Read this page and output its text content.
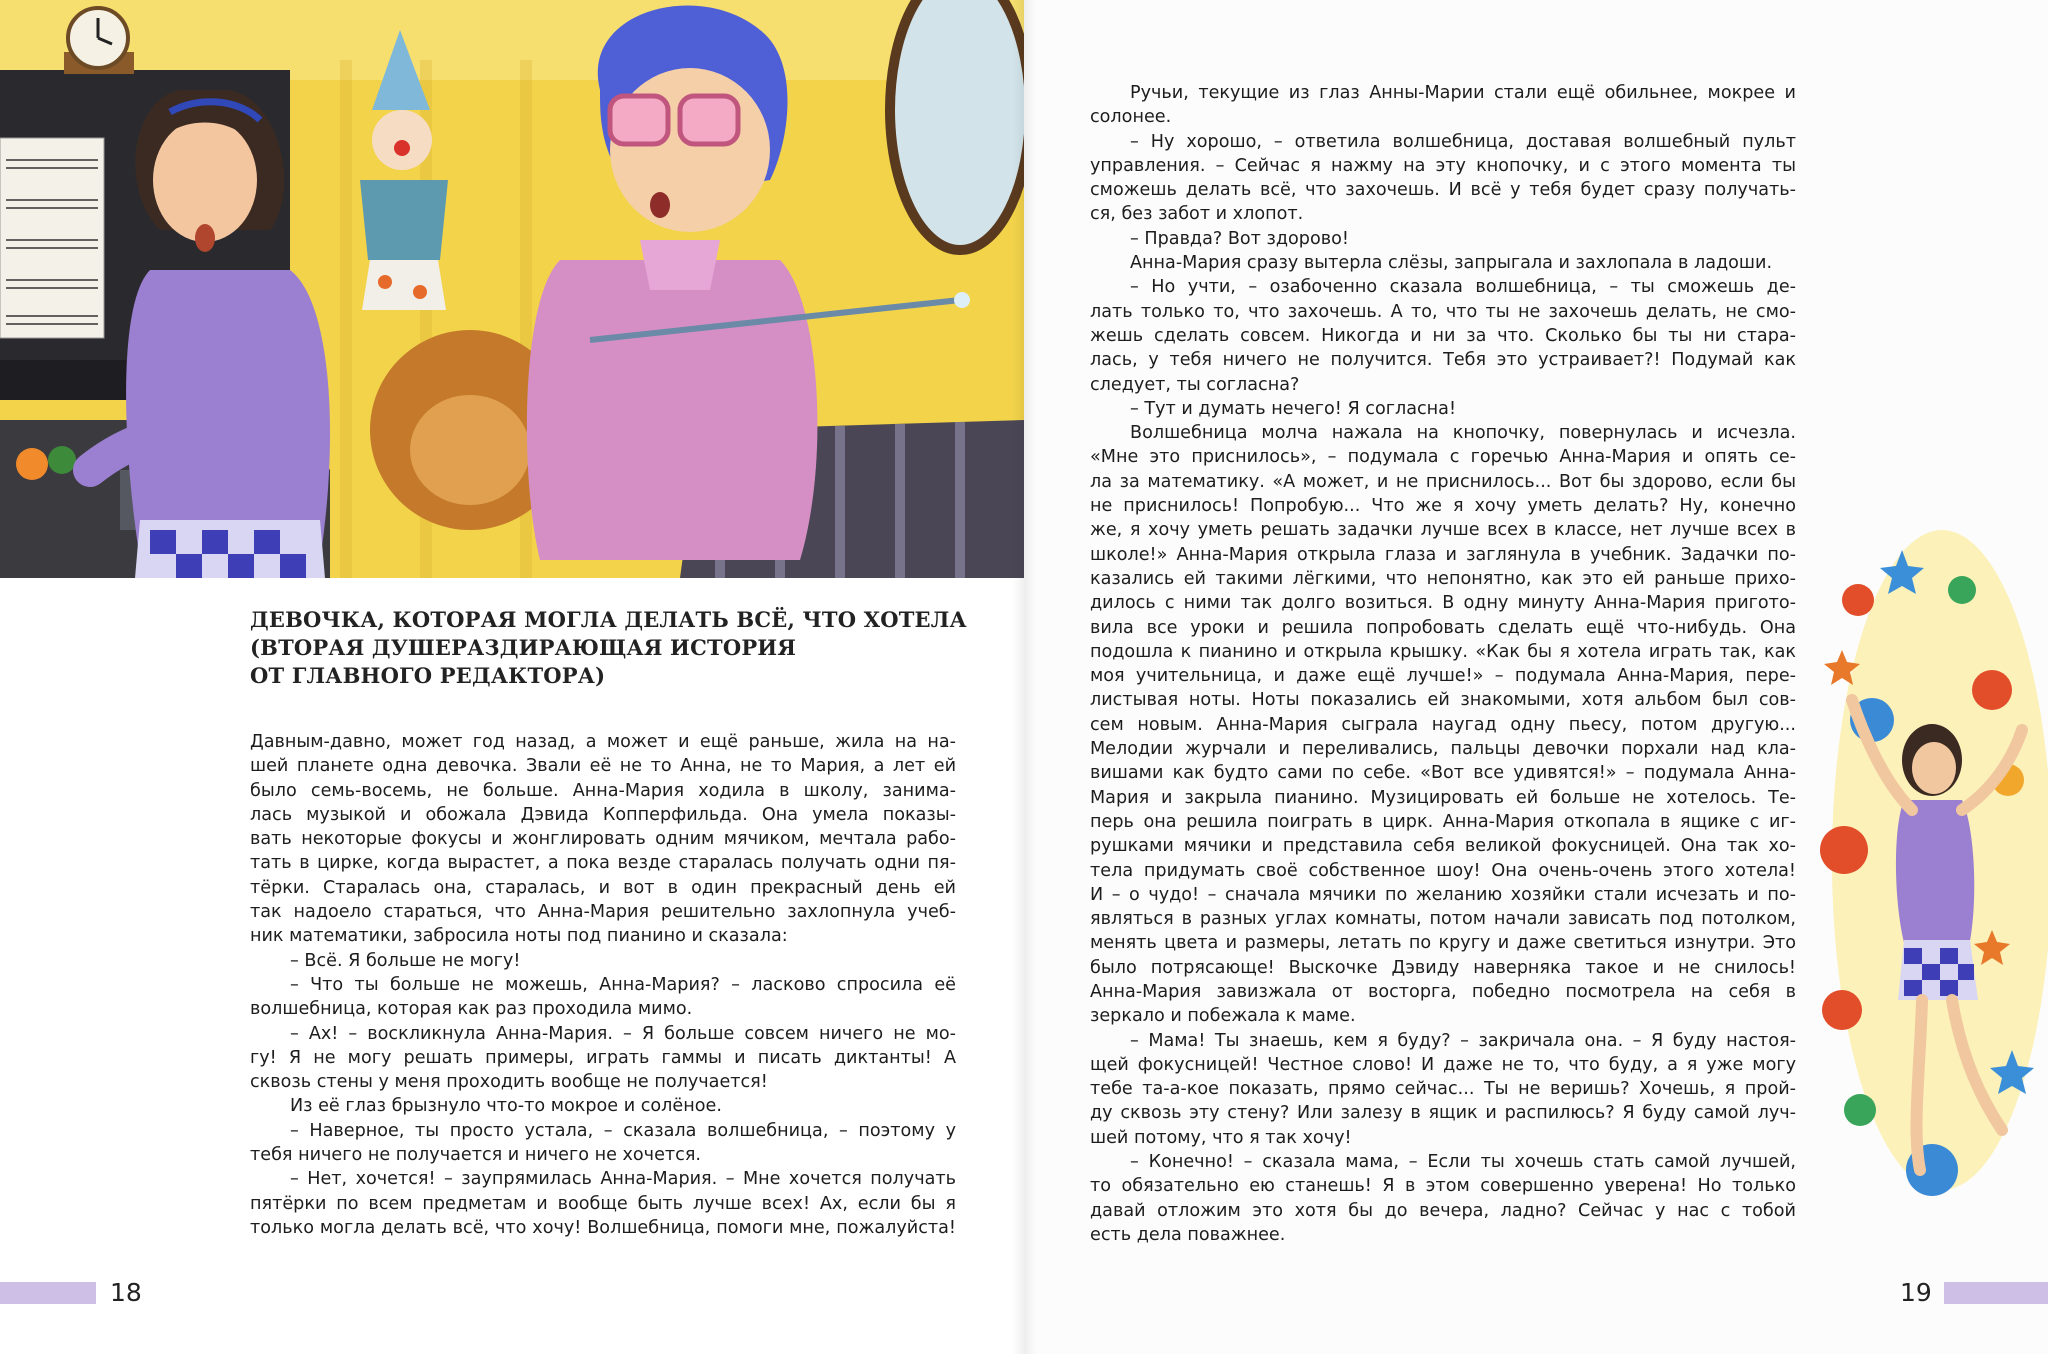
ДЕВОЧКА, КОТОРАЯ МОГЛА ДЕЛАТЬ ВСЁ, ЧТО ХОТЕЛА
(ВТОРАЯ ДУШЕРАЗДИРАЮЩАЯ ИСТОРИЯ
ОТ ГЛАВНОГО РЕДАКТОРА)

Давным-давно, может год назад, а может и ещё раньше, жила на на-

шей планете одна девочка. Звали её не то Анна, не то Мария, а лет ей

было семь-восемь, не больше. Анна-Мария ходила в школу, занима-

лась музыкой и обожала Дэвида Копперфильда. Она умела показы-

вать некоторые фокусы и жонглировать одним мячиком, мечтала рабо-

тать в цирке, когда вырастет, а пока везде старалась получать одни пя-

тёрки. Старалась она, старалась, и вот в один прекрасный день ей

так надоело стараться, что Анна-Мария решительно захлопнула учеб-

ник математики, забросила ноты под пианино и сказала:

– Всё. Я больше не могу!

– Что ты больше не можешь, Анна-Мария? – ласково спросила её

волшебница, которая как раз проходила мимо.

– Ах! – воскликнула Анна-Мария. – Я больше совсем ничего не мо-

гу! Я не могу решать примеры, играть гаммы и писать диктанты! А

сквозь стены у меня проходить вообще не получается!

Из её глаз брызнуло что-то мокрое и солёное.

– Наверное, ты просто устала, – сказала волшебница, – поэтому у

тебя ничего не получается и ничего не хочется.

– Нет, хочется! – заупрямилась Анна-Мария. – Мне хочется получать

пятёрки по всем предметам и вообще быть лучше всех! Ах, если бы я

только могла делать всё, что хочу! Волшебница, помоги мне, пожалуйста!

18

Ручьи, текущие из глаз Анны-Марии стали ещё обильнее, мокрее и

солонее.

– Ну хорошо, – ответила волшебница, доставая волшебный пульт

управления. – Сейчас я нажму на эту кнопочку, и с этого момента ты

сможешь делать всё, что захочешь. И всё у тебя будет сразу получать-

ся, без забот и хлопот.

– Правда? Вот здорово!

Анна-Мария сразу вытерла слёзы, запрыгала и захлопала в ладоши.

– Но учти, – озабоченно сказала волшебница, – ты сможешь де-

лать только то, что захочешь. А то, что ты не захочешь делать, не смо-

жешь сделать совсем. Никогда и ни за что. Сколько бы ты ни стара-

лась, у тебя ничего не получится. Тебя это устраивает?! Подумай как

следует, ты согласна?

– Тут и думать нечего! Я согласна!

Волшебница молча нажала на кнопочку, повернулась и исчезла.

«Мне это приснилось», – подумала с горечью Анна-Мария и опять се-

ла за математику. «А может, и не приснилось... Вот бы здорово, если бы

не приснилось! Попробую... Что же я хочу уметь делать? Ну, конечно

же, я хочу уметь решать задачки лучше всех в классе, нет лучше всех в

школе!» Анна-Мария открыла глаза и заглянула в учебник. Задачки по-

казались ей такими лёгкими, что непонятно, как это ей раньше прихо-

дилось с ними так долго возиться. В одну минуту Анна-Мария пригото-

вила все уроки и решила попробовать сделать ещё что-нибудь. Она

подошла к пианино и открыла крышку. «Как бы я хотела играть так, как

моя учительница, и даже ещё лучше!» – подумала Анна-Мария, пере-

листывая ноты. Ноты показались ей знакомыми, хотя альбом был сов-

сем новым. Анна-Мария сыграла наугад одну пьесу, потом другую...

Мелодии журчали и переливались, пальцы девочки порхали над кла-

вишами как будто сами по себе. «Вот все удивятся!» – подумала Анна-

Мария и закрыла пианино. Музицировать ей больше не хотелось. Те-

перь она решила поиграть в цирк. Анна-Мария откопала в ящике с иг-

рушками мячики и представила себя великой фокусницей. Она так хо-

тела придумать своё собственное шоу! Она очень-очень этого хотела!

И – о чудо! – сначала мячики по желанию хозяйки стали исчезать и по-

являться в разных углах комнаты, потом начали зависать под потолком,

менять цвета и размеры, летать по кругу и даже светиться изнутри. Это

было потрясающе! Выскочке Дэвиду наверняка такое и не снилось!

Анна-Мария завизжала от восторга, победно посмотрела на себя в

зеркало и побежала к маме.

– Мама! Ты знаешь, кем я буду? – закричала она. – Я буду настоя-

щей фокусницей! Честное слово! И даже не то, что буду, а я уже могу

тебе та-а-кое показать, прямо сейчас... Ты не веришь? Хочешь, я прой-

ду сквозь эту стену? Или залезу в ящик и распилюсь? Я буду самой луч-

шей потому, что я так хочу!

– Конечно! – сказала мама, – Если ты хочешь стать самой лучшей,

то обязательно ею станешь! Я в этом совершенно уверена! Но только

давай отложим это хотя бы до вечера, ладно? Сейчас у нас с тобой

есть дела поважнее.

19
